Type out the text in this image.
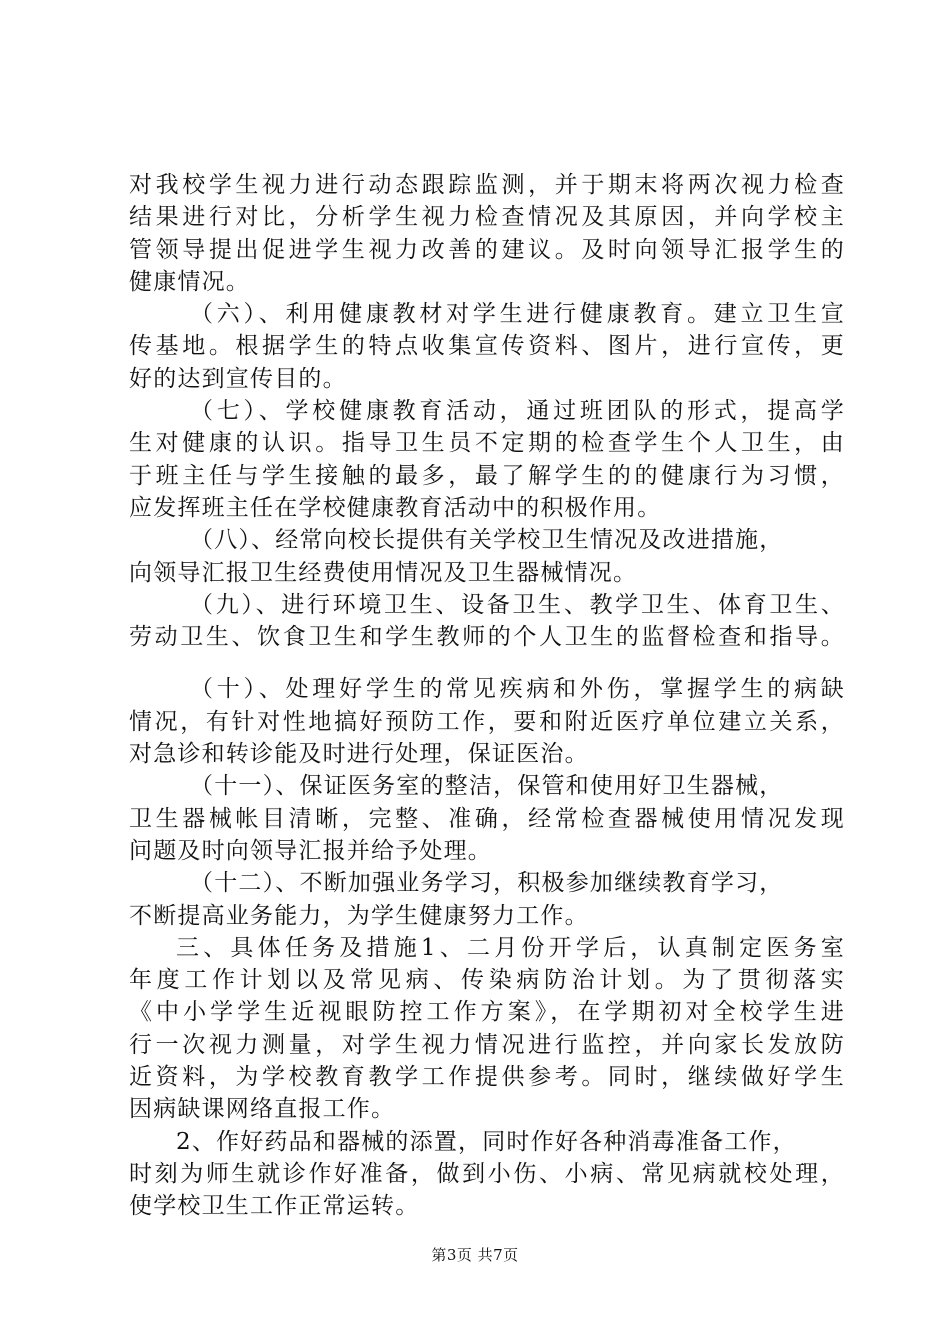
对我校学生视力进行动态跟踪监测，并于期末将两次视力检查
结果进行对比，分析学生视力检查情况及其原因，并向学校主
管领导提出促进学生视力改善的建议。及时向领导汇报学生的
健康情况。
（六）、利用健康教材对学生进行健康教育。建立卫生宣
传基地。根据学生的特点收集宣传资料、图片，进行宣传，更
好的达到宣传目的。
（七）、学校健康教育活动，通过班团队的形式，提高学
生对健康的认识。指导卫生员不定期的检查学生个人卫生，由
于班主任与学生接触的最多，最了解学生的的健康行为习惯，
应发挥班主任在学校健康教育活动中的积极作用。
（八）、经常向校长提供有关学校卫生情况及改进措施，
向领导汇报卫生经费使用情况及卫生器械情况。
（九）、进行环境卫生、设备卫生、教学卫生、体育卫生、
劳动卫生、饮食卫生和学生教师的个人卫生的监督检查和指导。
（十）、处理好学生的常见疾病和外伤，掌握学生的病缺
情况，有针对性地搞好预防工作，要和附近医疗单位建立关系，
对急诊和转诊能及时进行处理，保证医治。
（十一）、保证医务室的整洁，保管和使用好卫生器械，
卫生器械帐目清晰，完整、准确，经常检查器械使用情况发现
问题及时向领导汇报并给予处理。
（十二）、不断加强业务学习，积极参加继续教育学习，
不断提高业务能力，为学生健康努力工作。
三、具体任务及措施1、二月份开学后，认真制定医务室
年度工作计划以及常见病、传染病防治计划。为了贯彻落实
《中小学学生近视眼防控工作方案》，在学期初对全校学生进
行一次视力测量，对学生视力情况进行监控，并向家长发放防
近资料，为学校教育教学工作提供参考。同时，继续做好学生
因病缺课网络直报工作。
2、作好药品和器械的添置，同时作好各种消毒准备工作，
时刻为师生就诊作好准备，做到小伤、小病、常见病就校处理，
使学校卫生工作正常运转。
第3页 共7页
